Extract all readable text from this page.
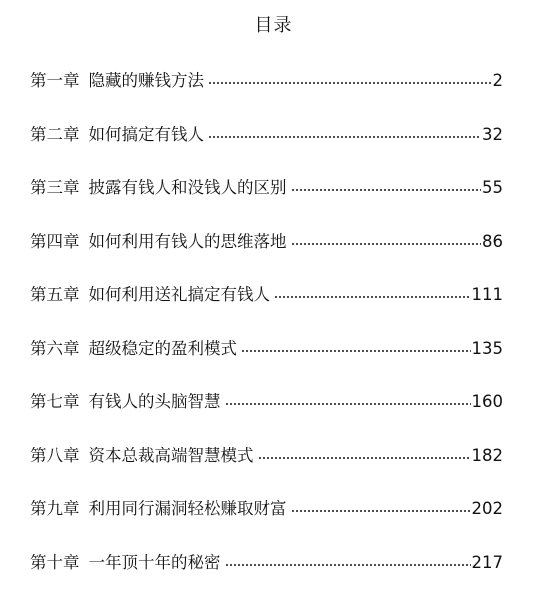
目录
第一章 隐藏的赚钱方法	2
第二章 如何搞定有钱人	32
第三章 披露有钱人和没钱人的区别	55
第四章 如何利用有钱人的思维落地	86
第五章 如何利用送礼搞定有钱人	111
第六章 超级稳定的盈利模式	135
第七章 有钱人的头脑智慧	160
第八章 资本总裁高端智慧模式	182
第九章 利用同行漏洞轻松赚取财富	202
第十章 一年顶十年的秘密	217
